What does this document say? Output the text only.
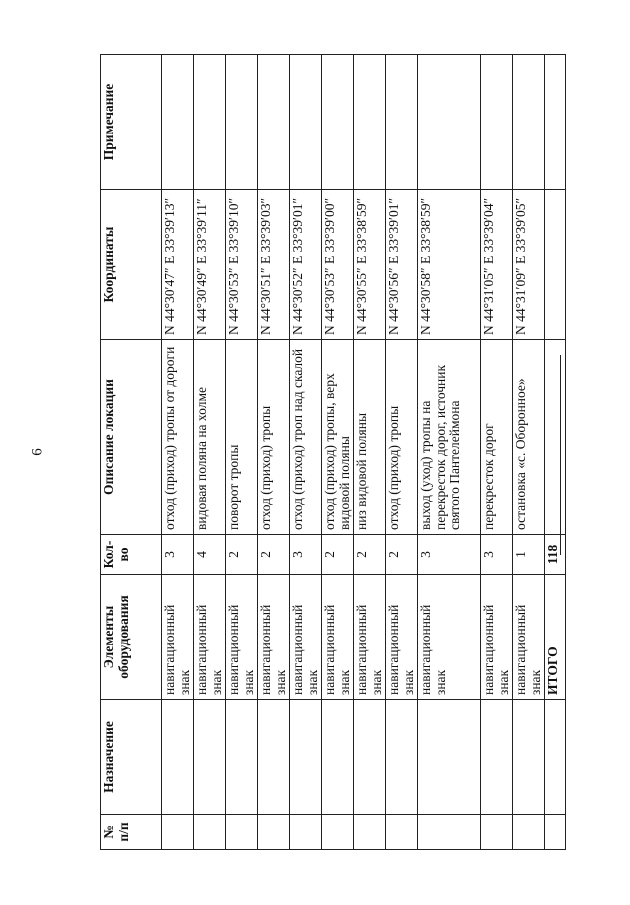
6
№ п/п	Назначение	Элементы оборудования	Кол-во	Описание локации	Координаты	Примечание
		навигационный знак	3	отход (приход) тропы от дороги	N 44°30′47″ E 33°39′13″	
		навигационный знак	4	видовая поляна на холме	N 44°30′49″ E 33°39′11″	
		навигационный знак	2	поворот тропы	N 44°30′53″ E 33°39′10″	
		навигационный знак	2	отход (приход) тропы	N 44°30′51″ E 33°39′03″	
		навигационный знак	3	отход (приход) троп над скалой	N 44°30′52″ E 33°39′01″	
		навигационный знак	2	отход (приход) тропы, верх видовой поляны	N 44°30′53″ E 33°39′00″	
		навигационный знак	2	низ видовой поляны	N 44°30′55″ E 33°38′59″	
		навигационный знак	2	отход (приход) тропы	N 44°30′56″ E 33°39′01″	
		навигационный знак	3	выход (уход) тропы на перекресток дорог, источник святого Пантелеймона	N 44°30′58″ E 33°38′59″	
		навигационный знак	3	перекресток дорог	N 44°31′05″ E 33°39′04″	
		навигационный знак	1	остановка «с. Оборонное»	N 44°31′09″ E 33°39′05″	
		ИТОГО	118			
